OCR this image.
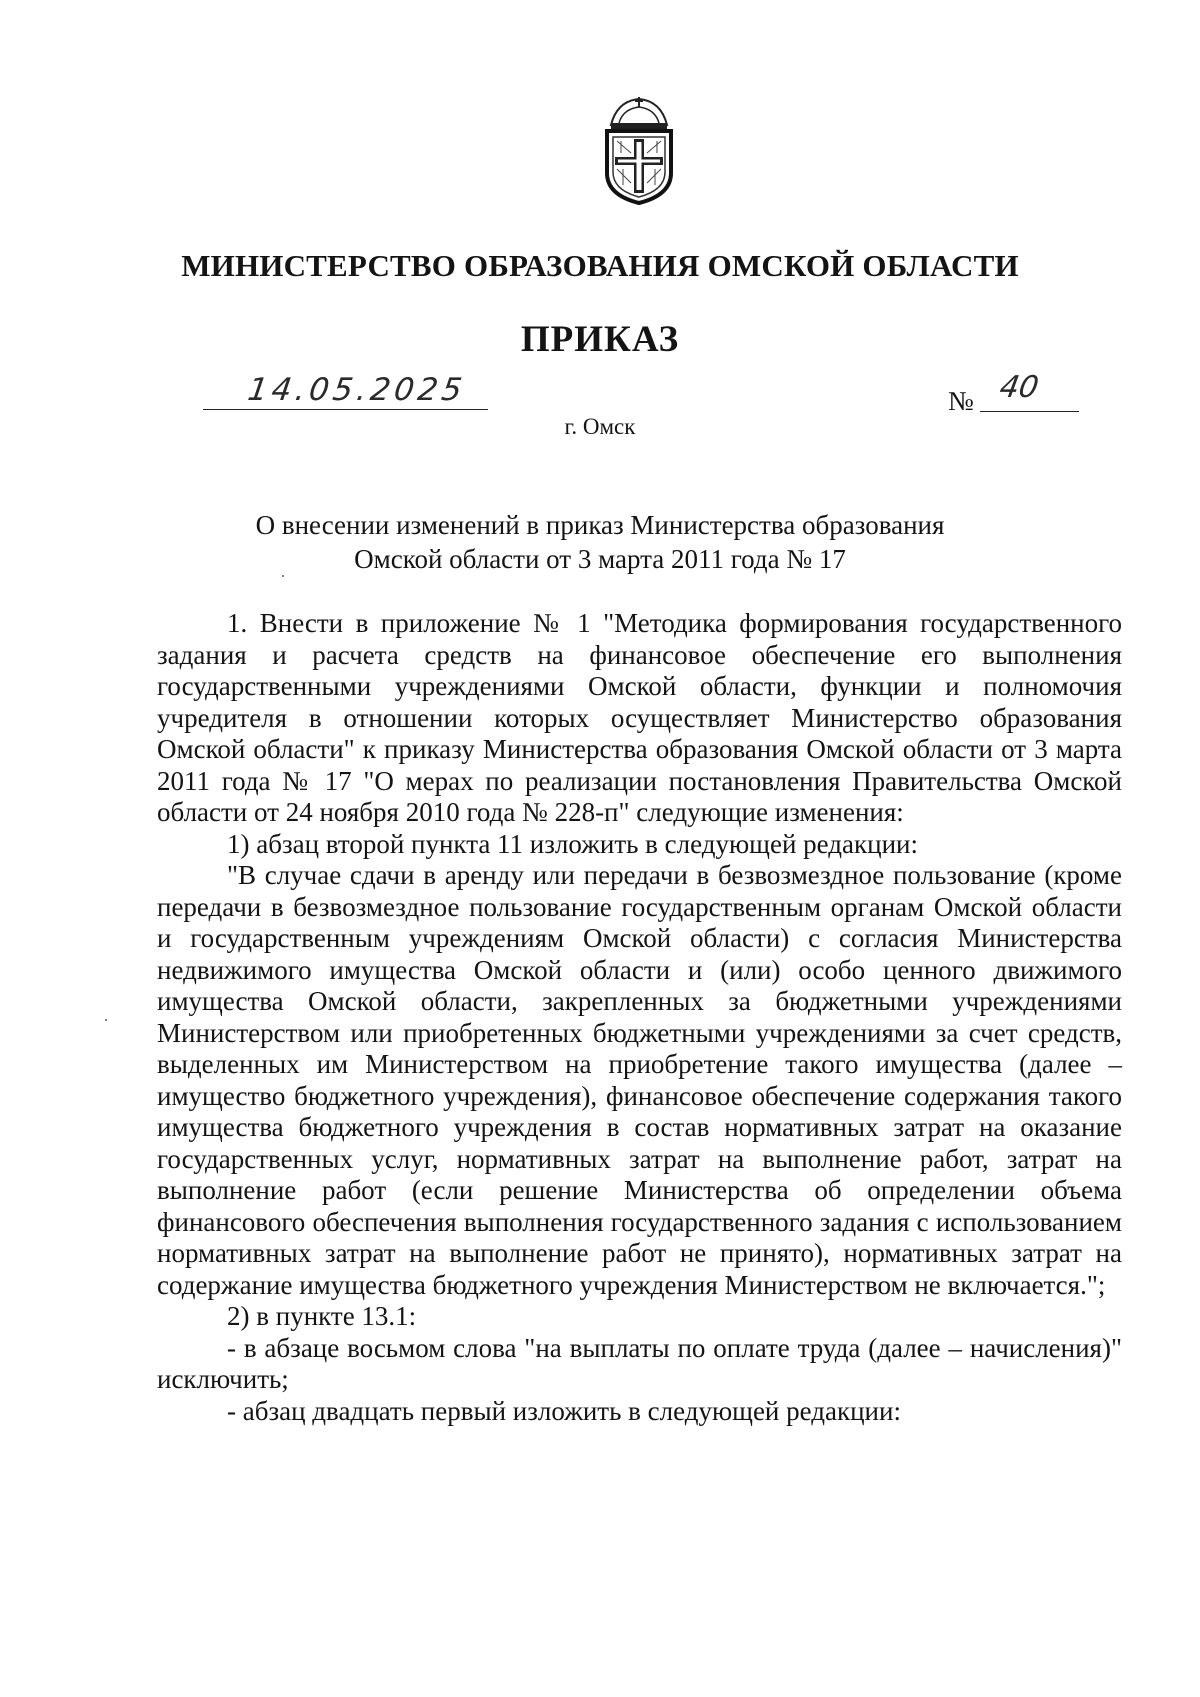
МИНИСТЕРСТВО ОБРАЗОВАНИЯ ОМСКОЙ ОБЛАСТИ
ПРИКАЗ
14.05.2025	№ 40
г. Омск
О внесении изменений в приказ Министерства образования
Омской области от 3 марта 2011 года № 17

1. Внести в приложение № 1 "Методика формирования государственного задания и расчета средств на финансовое обеспечение его выполнения государственными учреждениями Омской области, функции и полномочия учредителя в отношении которых осуществляет Министерство образования Омской области" к приказу Министерства образования Омской области от 3 марта 2011 года № 17 "О мерах по реализации постановления Правительства Омской области от 24 ноября 2010 года № 228-п" следующие изменения:

1) абзац второй пункта 11 изложить в следующей редакции:

"В случае сдачи в аренду или передачи в безвозмездное пользование (кроме передачи в безвозмездное пользование государственным органам Омской области и государственным учреждениям Омской области) с согласия Министерства недвижимого имущества Омской области и (или) особо ценного движимого имущества Омской области, закрепленных за бюджетными учреждениями Министерством или приобретенных бюджетными учреждениями за счет средств, выделенных им Министерством на приобретение такого имущества (далее – имущество бюджетного учреждения), финансовое обеспечение содержания такого имущества бюджетного учреждения в состав нормативных затрат на оказание государственных услуг, нормативных затрат на выполнение работ, затрат на выполнение работ (если решение Министерства об определении объема финансового обеспечения выполнения государственного задания с использованием нормативных затрат на выполнение работ не принято), нормативных затрат на содержание имущества бюджетного учреждения Министерством не включается.";

2) в пункте 13.1:

- в абзаце восьмом слова "на выплаты по оплате труда (далее – начисления)" исключить;

- абзац двадцать первый изложить в следующей редакции:
